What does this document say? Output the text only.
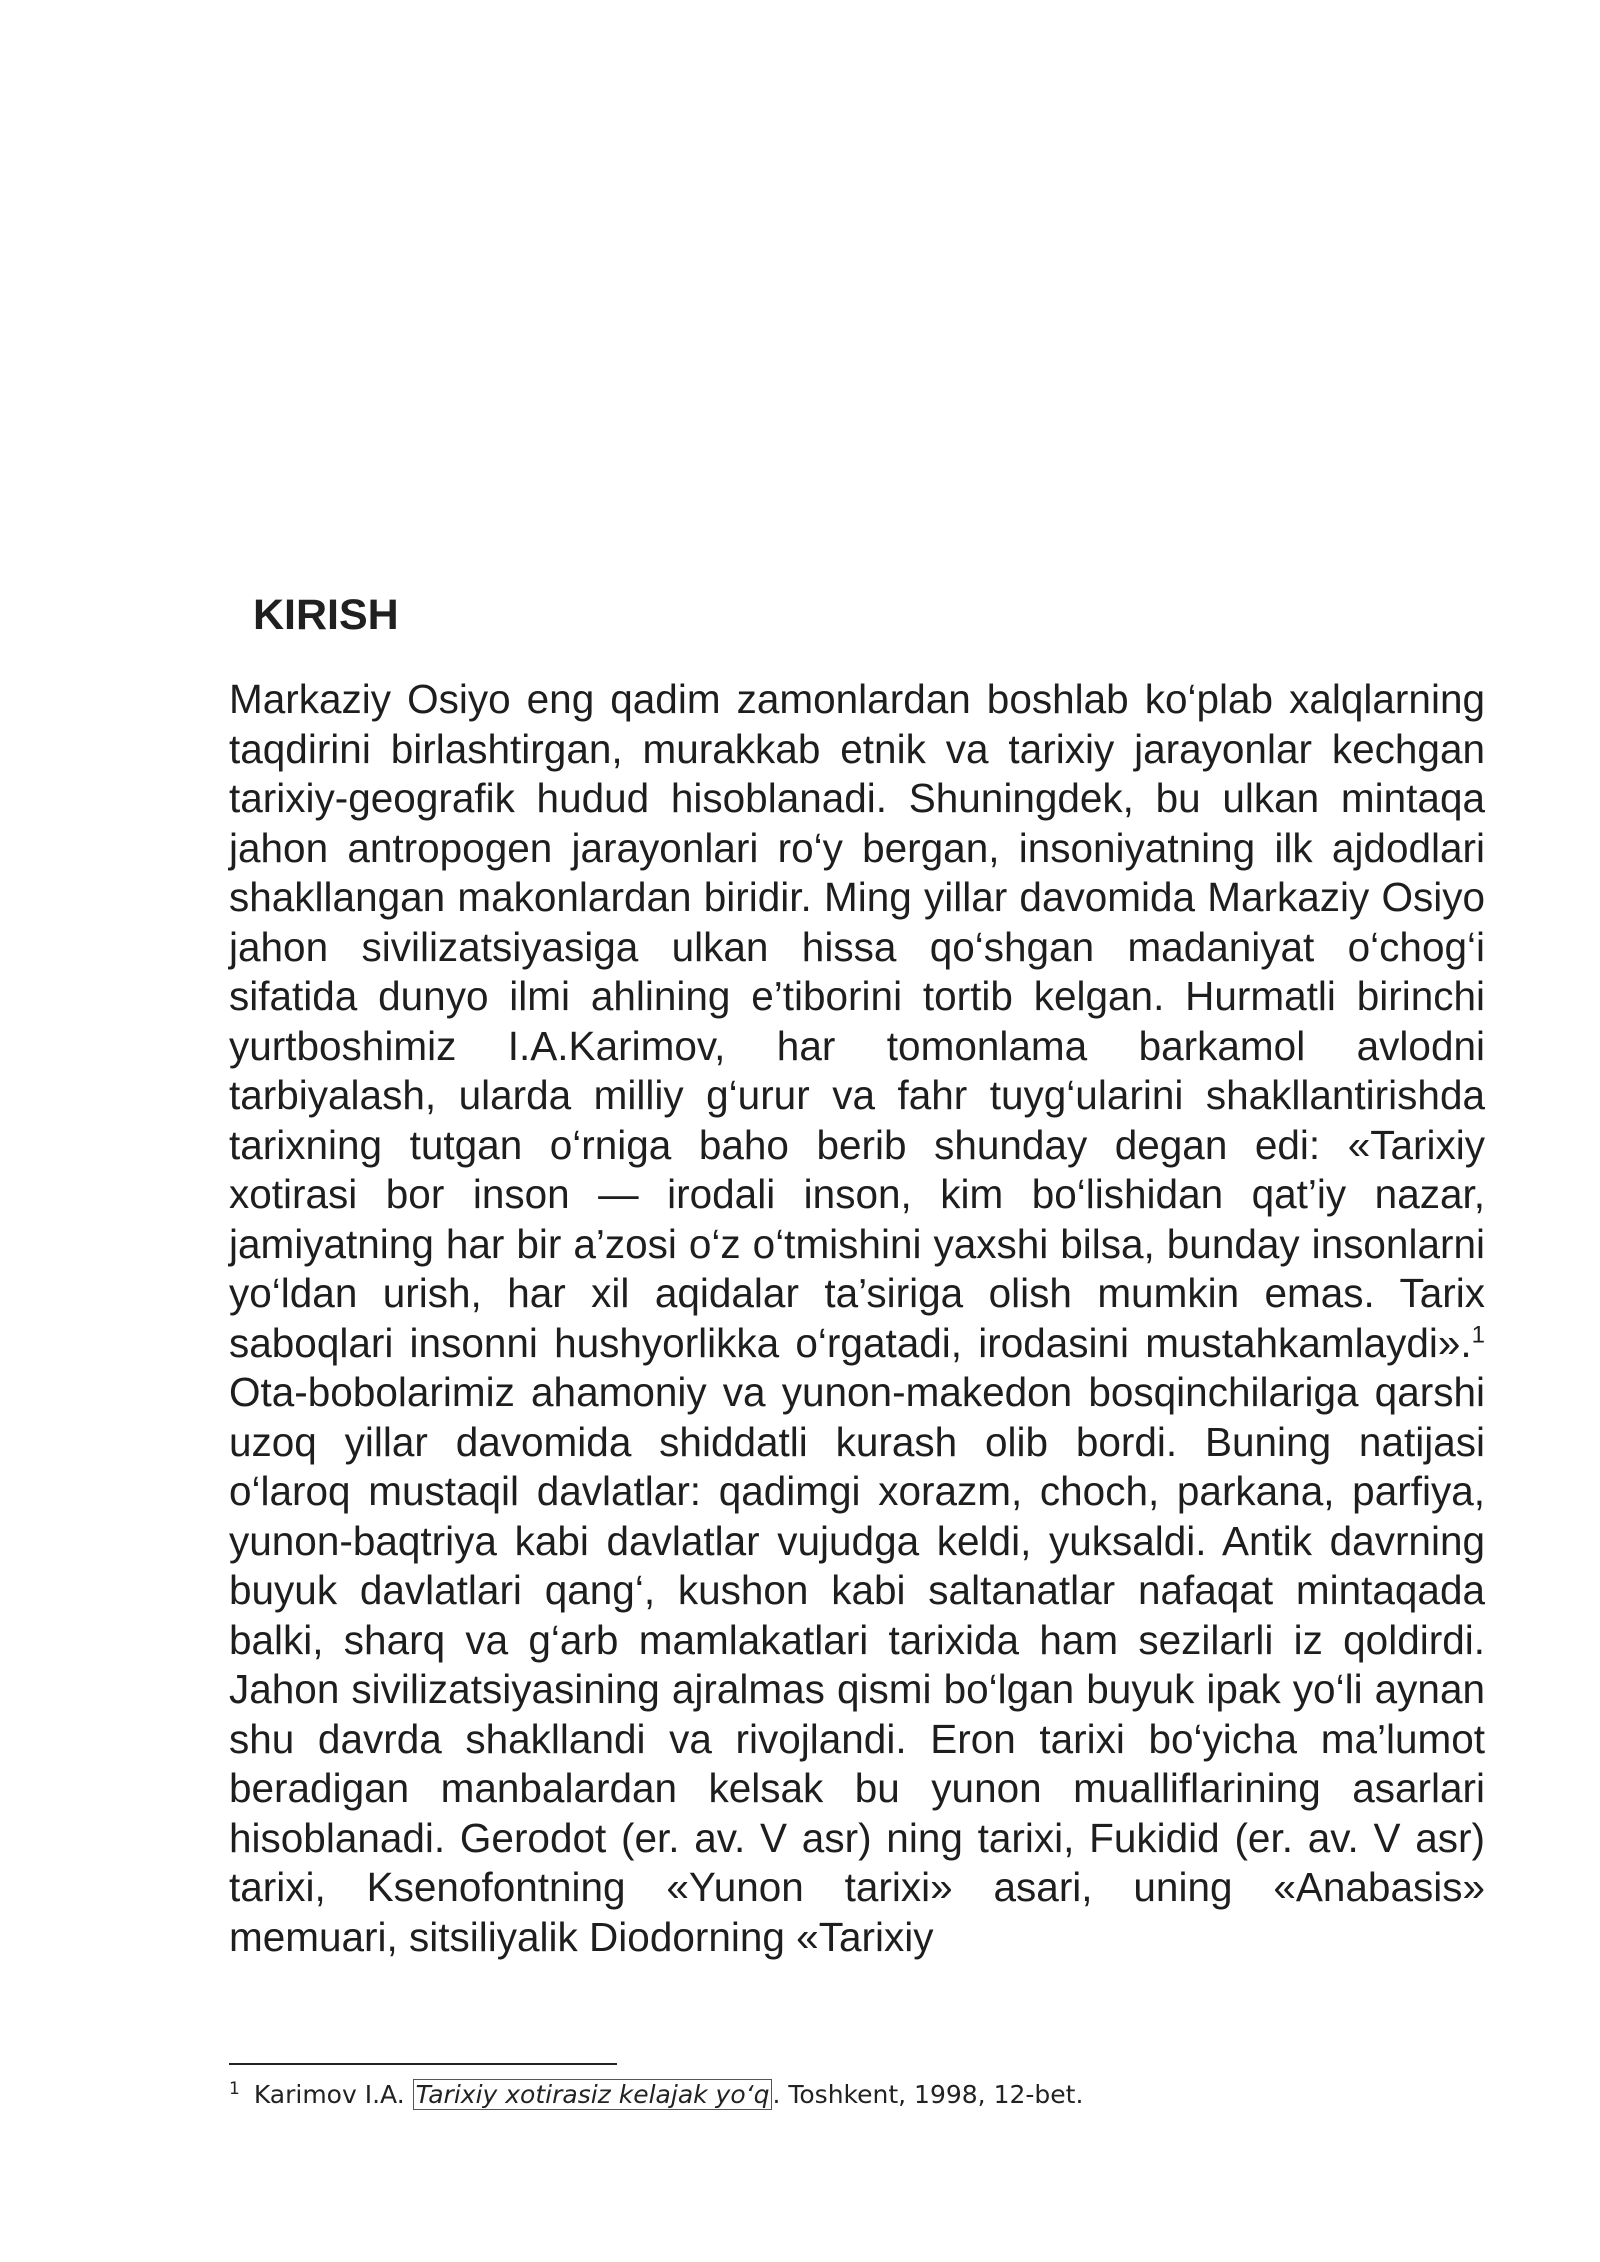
KIRISH

Markaziy Osiyo eng qadim zamonlardan boshlab ko‘plab xalqlarning taqdirini birlashtirgan, murakkab etnik va tarixiy jarayonlar kechgan tarixiy-geografik hudud hisoblanadi. Shuningdek, bu ulkan mintaqa jahon antropogen jarayonlari ro‘y bergan, insoniyatning ilk ajdodlari shakllangan makonlardan biridir. Ming yillar davomida Markaziy Osiyo jahon sivilizatsiyasiga ulkan hissa qo‘shgan madaniyat o‘chog‘i sifatida dunyo ilmi ahlining e’tiborini tortib kelgan. Hurmatli birinchi yurtboshimiz I.A.Karimov, har tomonlama barkamol avlodni tarbiyalash, ularda milliy g‘urur va fahr tuyg‘ularini shakllantirishda tarixning tutgan o‘rniga baho berib shunday degan edi: «Tarixiy xotirasi bor inson — irodali inson, kim bo‘lishidan qat’iy nazar, jamiyatning har bir a’zosi o‘z o‘tmishini yaxshi bilsa, bunday insonlarni yo‘ldan urish, har xil aqidalar ta’siriga olish mumkin emas. Tarix saboqlari insonni hushyorlikka o‘rgatadi, irodasini mustahkamlaydi».$^1$ Ota-bobolarimiz ahamoniy va yunon-makedon bosqinchilariga qarshi uzoq yillar davomida shiddatli kurash olib bordi. Buning natijasi o‘laroq mustaqil davlatlar: qadimgi xorazm, choch, parkana, parfiya, yunon-baqtriya kabi davlatlar vujudga keldi, yuksaldi. Antik davrning buyuk davlatlari qang‘, kushon kabi saltanatlar nafaqat mintaqada balki, sharq va g‘arb mamlakatlari tarixida ham sezilarli iz qoldirdi. Jahon sivilizatsiyasining ajralmas qismi bo‘lgan buyuk ipak yo‘li aynan shu davrda shakllandi va rivojlandi. Eron tarixi bo‘yicha ma’lumot beradigan manbalardan kelsak bu yunon mualliflarining asarlari hisoblanadi. Gerodot (er. av. V asr) ning tarixi, Fukidid (er. av. V asr) tarixi, Ksenofontning «Yunon tarixi» asari, uning «Anabasis» memuari, sitsiliyalik Diodorning «Tarixiy

$^1$ Karimov I.A. Tarixiy xotirasiz kelajak yo‘q . Toshkent, 1998, 12-bet.
